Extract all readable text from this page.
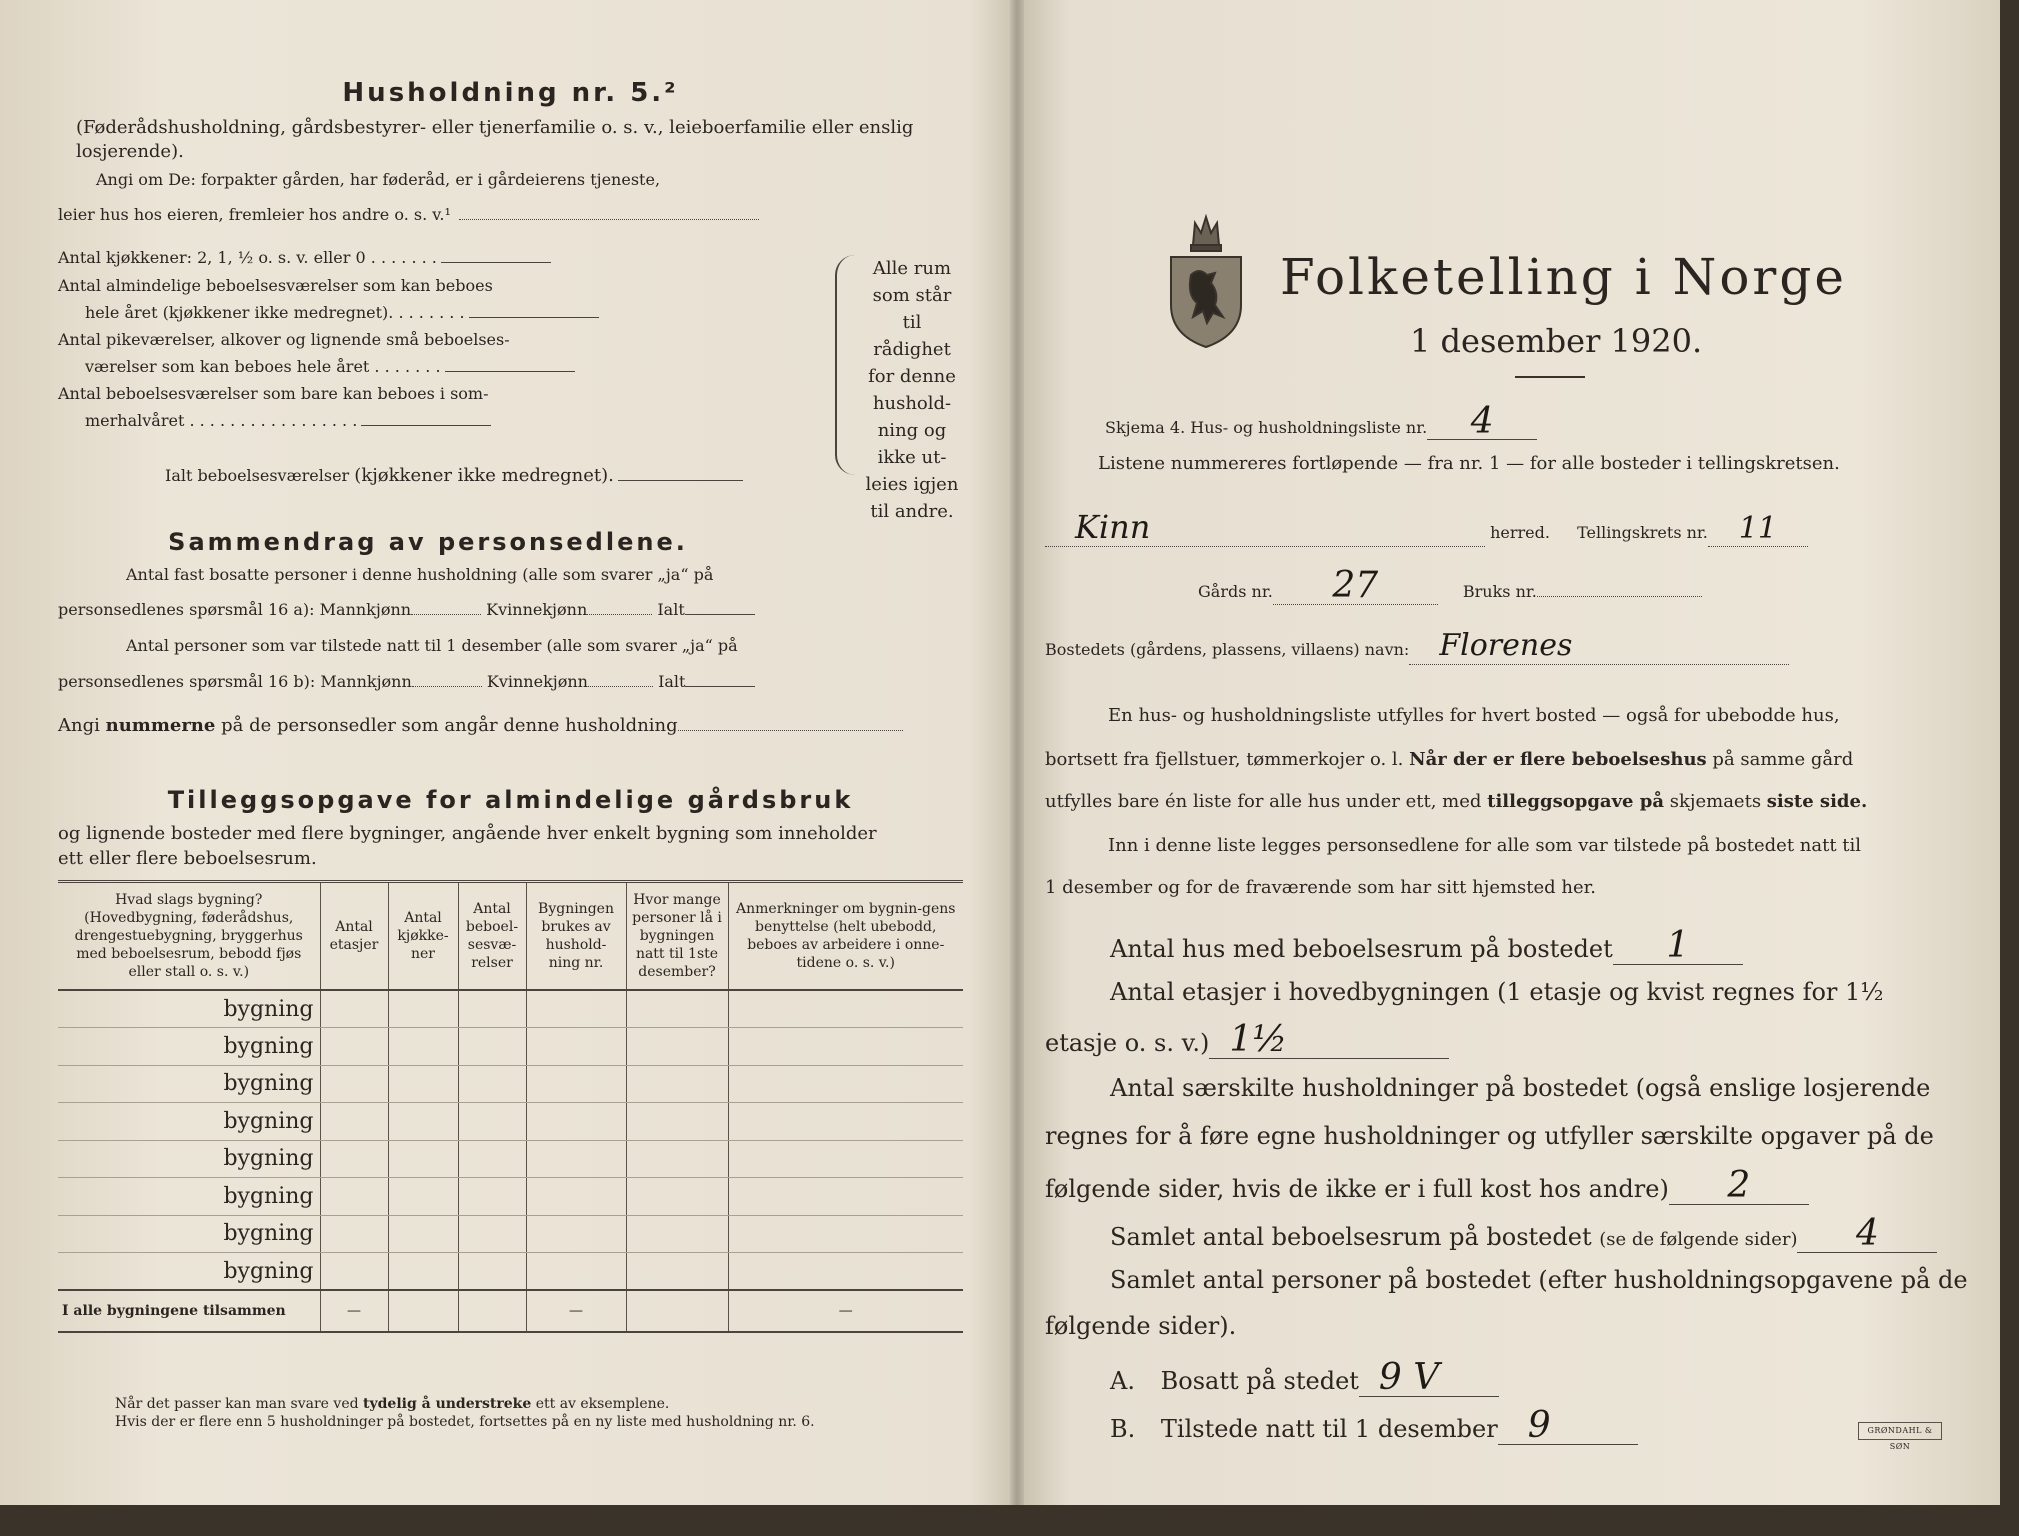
Husholdning nr. 5.²
(Føderådshusholdning, gårdsbestyrer- eller tjenerfamilie o. s. v., leieboerfamilie eller enslig losjerende).
Angi om De: forpakter gården, har føderåd, er i gårdeierens tjeneste,
leier hus hos eieren, fremleier hos andre o. s. v.¹
Antal kjøkkener: 2, 1, ½ o. s. v. eller 0 . . . . . . .
Antal almindelige beboelsesværelser som kan beboes
hele året (kjøkkener ikke medregnet). . . . . . . .
Antal pikeværelser, alkover og lignende små beboelses-
værelser som kan beboes hele året . . . . . . .
Antal beboelsesværelser som bare kan beboes i som-
merhalvåret . . . . . . . . . . . . . . . . .
Ialt beboelsesværelser (kjøkkener ikke medregnet).
Alle rum
som står til
rådighet
for denne
hushold-
ning og
ikke ut-
leies igjen
til andre.
Sammendrag av personsedlene.
Antal fast bosatte personer i denne husholdning (alle som svarer „ja“ på
personsedlenes spørsmål 16 a): Mannkjønn	Kvinnekjønn	Ialt
Antal personer som var tilstede natt til 1 desember (alle som svarer „ja“ på
personsedlenes spørsmål 16 b): Mannkjønn	Kvinnekjønn	Ialt
Angi nummerne på de personsedler som angår denne husholdning
Tilleggsopgave for almindelige gårdsbruk
og lignende bosteder med flere bygninger, angående hver enkelt bygning som inneholder
ett eller flere beboelsesrum.
Hvad slags bygning? (Hovedbygning, føderådshus, drengestuebygning, bryggerhus med beboelsesrum, bebodd fjøs eller stall o. s. v.)	Antal etasjer	Antal kjøkke-ner	Antal beboel-sesvæ-relser	Bygningen brukes av hushold-ning nr.	Hvor mange personer lå i bygningen natt til 1ste desember?	Anmerkninger om bygnin-gens benyttelse (helt ubebodd, beboes av arbeidere i onne-tidene o. s. v.)
bygning						
bygning						
bygning						
bygning						
bygning						
bygning						
bygning						
bygning						
I alle bygningene tilsammen	—			—		—
Når det passer kan man svare ved tydelig å understreke ett av eksemplene.
Hvis der er flere enn 5 husholdninger på bostedet, fortsettes på en ny liste med husholdning nr. 6.
Folketelling i Norge
1 desember 1920.
Skjema 4. Hus- og husholdningsliste nr. 4
Listene nummereres fortløpende — fra nr. 1 — for alle bosteder i tellingskretsen.
Kinn	herred. Tellingskrets nr. 11
Gårds nr. 27	Bruks nr.
Bostedets (gårdens, plassens, villaens) navn: Florenes
En hus- og husholdningsliste utfylles for hvert bosted — også for ubebodde hus,
bortsett fra fjellstuer, tømmerkojer o. l. Når der er flere beboelseshus på samme gård
utfylles bare én liste for alle hus under ett, med tilleggsopgave på skjemaets siste side.
Inn i denne liste legges personsedlene for alle som var tilstede på bostedet natt til
1 desember og for de fraværende som har sitt hjemsted her.
Antal hus med beboelsesrum på bostedet 1
Antal etasjer i hovedbygningen (1 etasje og kvist regnes for 1½
etasje o. s. v.) 1½
Antal særskilte husholdninger på bostedet (også enslige losjerende
regnes for å føre egne husholdninger og utfyller særskilte opgaver på de
følgende sider, hvis de ikke er i full kost hos andre) 2
Samlet antal beboelsesrum på bostedet (se de følgende sider) 4
Samlet antal personer på bostedet (efter husholdningsopgavene på de
følgende sider).
A. Bosatt på stedet 9 V
B. Tilstede natt til 1 desember 9	GRØNDAHL & SØN
